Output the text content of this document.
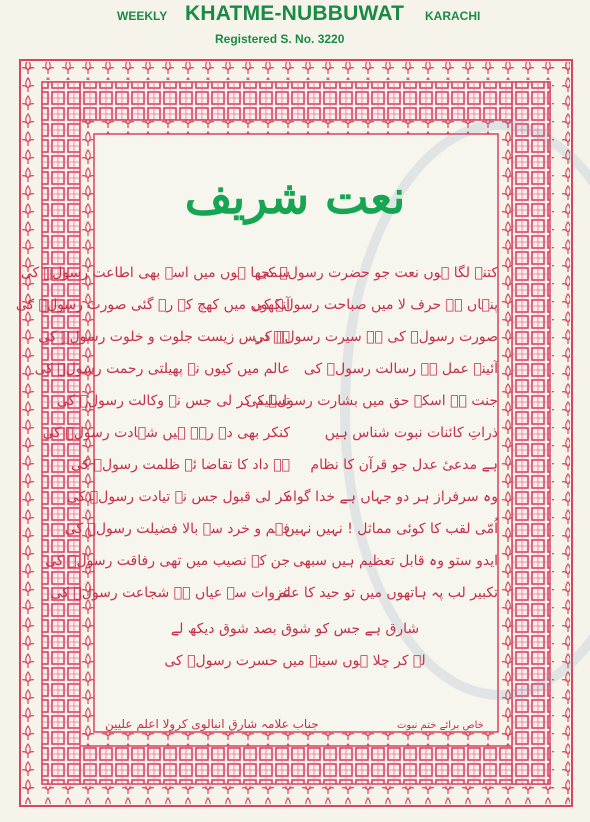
WEEKLY KHATME-NUBBUWAT KARACHI
Registered S. No. 3220
نعت شریف
کتنے لگا ہوں نعت جو حضرت رسولؐ کی
پنہاں ہے حرف لا میں صباحت رسولؐ کی
صورت رسولؐ کی ہے سیرت رسولؐ کی
آئینہ عمل ہے رسالت رسولؐ کی
جنت ہے اسکے حق میں بشارت رسولؐ کی
ذراتِ کائنات نبوت شناس ہیں
ہے مدعیٔ عدل جو قرآن کا نظام
وہ سرفراز ہر دو جہاں ہے خدا گواہ
اُمّی لقب کا کوئی مماثل ! نہیں نہیں
ایدو ستو وہ قابل تعظیم ہیں سبھی
تکبیر لب پہ ہاتھوں میں تو حید کا علم
سمجھا ہوں میں اسے بھی اطاعت رسولؐ کی
آنکھوں میں کھچ کے رہ گئی صورت رسولؐ کی
ہے درس زیست جلوت و خلوت رسولؐ کی
عالم میں کیوں نہ پھیلتی رحمت رسولؐ کی
تسلیم کر لی جس نے وکالت رسولؐ کی
کنکر بھی دے رہے ہیں شہادت رسولؐ کی
ہے داد کا تقاضا ئے ظلمت رسولؐ کی
کر لی قبول جس نے تیادت رسولؐ کی
فہم و خرد سے بالا فضیلت رسولؐ کی
جن کے نصیب میں تھی رفاقت رسولؐ کی
غزوات سے عیاں ہے شجاعت رسولؐ کی
شارق ہے جس کو شوق بصد شوق دیکھ لے
لے کر چلا ہوں سینے میں حسرت رسولؐ کی
جناب علامہ شارق انبالوی کرولا اعلم علیین	خاص برائے ختم نبوت
